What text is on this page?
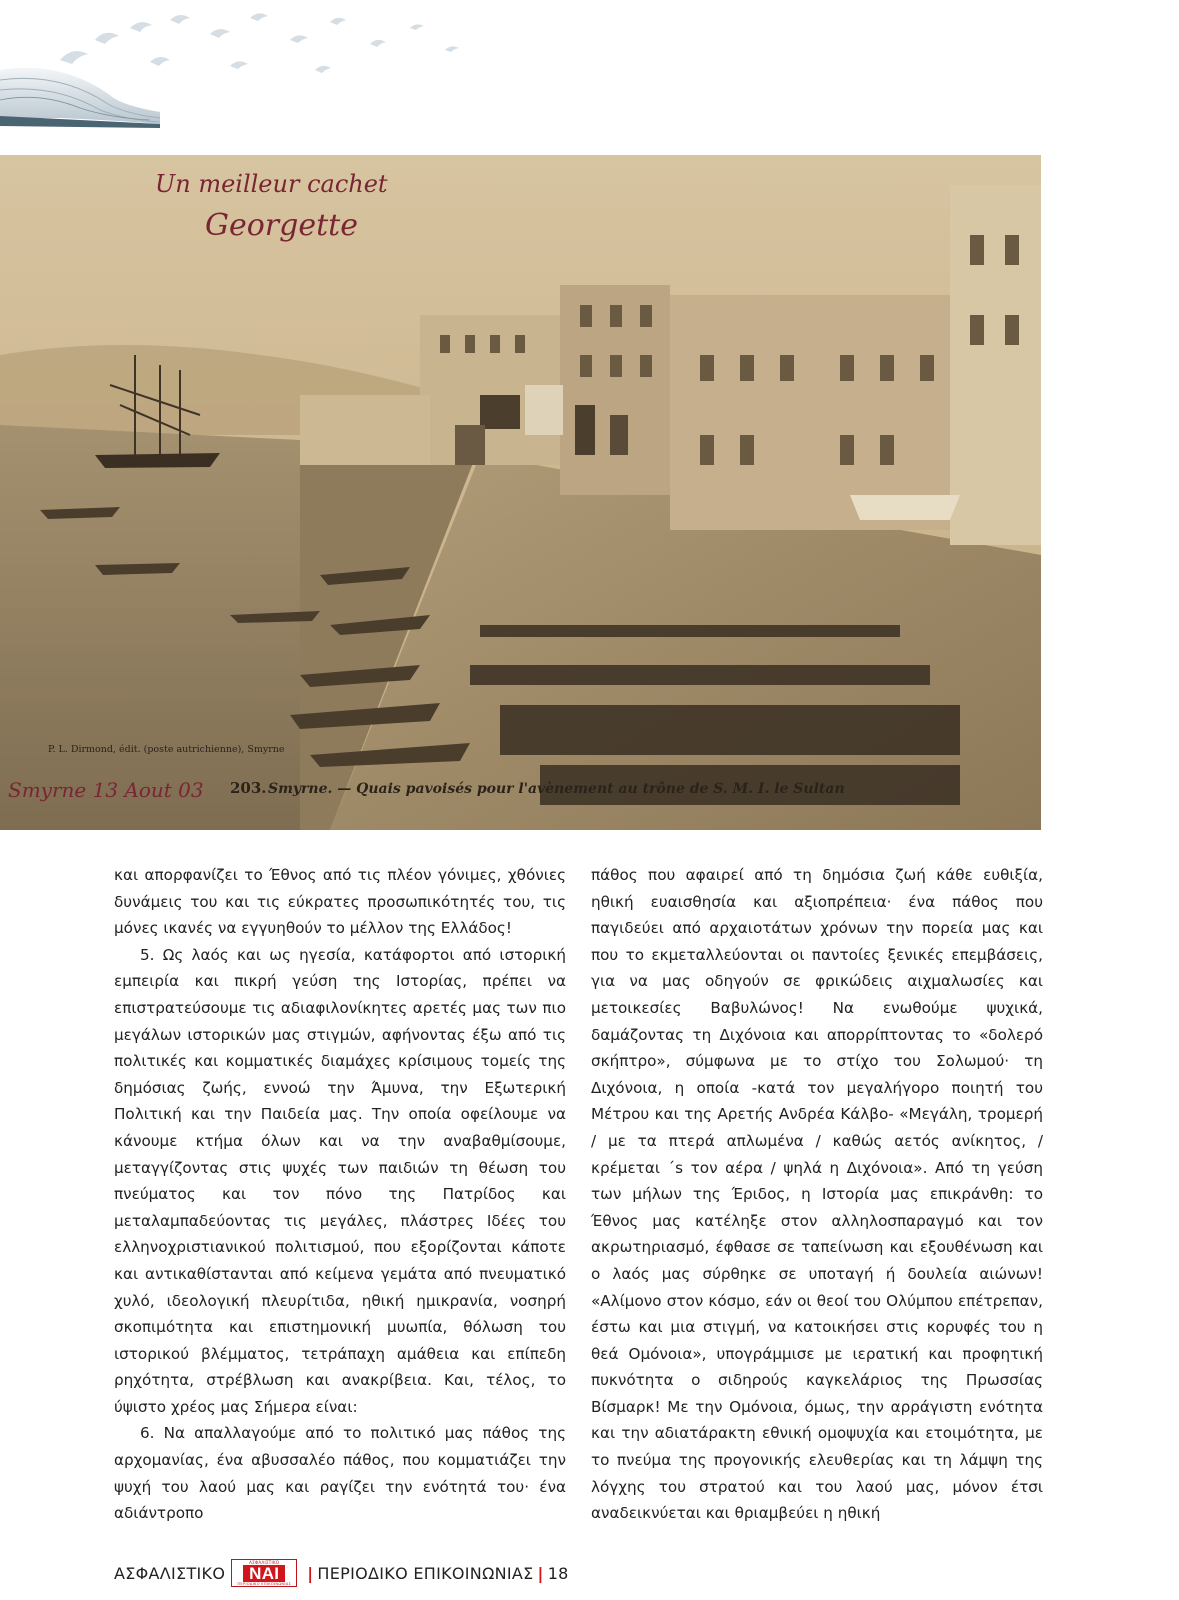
Un meilleur cachet
Georgette
P. L. Dirmond, édit. (poste autrichienne), Smyrne
Smyrne 13 Aout 03 203. Smyrne. — Quais pavoisés pour l'avènement au trône de S. M. I. le Sultan

και απορφανίζει το Έθνος από τις πλέον γόνιμες, χθόνιες δυνάμεις του και τις εύκρατες προσωπικότητές του, τις μόνες ικανές να εγγυηθούν το μέλλον της Ελλάδος!

5. Ως λαός και ως ηγεσία, κατάφορτοι από ιστορική εμπειρία και πικρή γεύση της Ιστορίας, πρέπει να επιστρατεύσουμε τις αδιαφιλονίκητες αρετές μας των πιο μεγάλων ιστορικών μας στιγμών, αφήνοντας έξω από τις πολιτικές και κομματικές διαμάχες κρίσιμους τομείς της δημόσιας ζωής, εννοώ την Άμυνα, την Εξωτερική Πολιτική και την Παιδεία μας. Την οποία οφείλουμε να κάνουμε κτήμα όλων και να την αναβαθμίσουμε, μεταγγίζοντας στις ψυχές των παιδιών τη θέωση του πνεύματος και τον πόνο της Πατρίδος και μεταλαμπαδεύοντας τις μεγάλες, πλάστρες Ιδέες του ελληνοχριστιανικού πολιτισμού, που εξορίζονται κάποτε και αντικαθίστανται από κείμενα γεμάτα από πνευματικό χυλό, ιδεολογική πλευρίτιδα, ηθική ημικρανία, νοσηρή σκοπιμότητα και επιστημονική μυωπία, θόλωση του ιστορικού βλέμματος, τετράπαχη αμάθεια και επίπεδη ρηχότητα, στρέβλωση και ανακρίβεια. Και, τέλος, το ύψιστο χρέος μας Σήμερα είναι:

6. Να απαλλαγούμε από το πολιτικό μας πάθος της αρχομανίας, ένα αβυσσαλέο πάθος, που κομματιάζει την ψυχή του λαού μας και ραγίζει την ενότητά του· ένα αδιάντροπο

πάθος που αφαιρεί από τη δημόσια ζωή κάθε ευθιξία, ηθική ευαισθησία και αξιοπρέπεια· ένα πάθος που παγιδεύει από αρχαιοτάτων χρόνων την πορεία μας και που το εκμεταλλεύονται οι παντοίες ξενικές επεμβάσεις, για να μας οδηγούν σε φρικώδεις αιχμαλωσίες και μετοικεσίες Βαβυλώνος! Να ενωθούμε ψυχικά, δαμάζοντας τη Διχόνοια και απορρίπτοντας το «δολερό σκήπτρο», σύμφωνα με το στίχο του Σολωμού· τη Διχόνοια, η οποία -κατά τον μεγαλήγορο ποιητή του Μέτρου και της Αρετής Ανδρέα Κάλβο- «Μεγάλη, τρομερή / με τα πτερά απλωμένα / καθώς αετός ανίκητος, / κρέμεται ΄s τον αέρα / ψηλά η Διχόνοια». Από τη γεύση των μήλων της Έριδος, η Ιστορία μας επικράνθη: το Έθνος μας κατέληξε στον αλληλοσπαραγμό και τον ακρωτηριασμό, έφθασε σε ταπείνωση και εξουθένωση και ο λαός μας σύρθηκε σε υποταγή ή δουλεία αιώνων! «Αλίμονο στον κόσμο, εάν οι θεοί του Ολύμπου επέτρεπαν, έστω και μια στιγμή, να κατοικήσει στις κορυφές του η θεά Ομόνοια», υπογράμμισε με ιερατική και προφητική πυκνότητα ο σιδηρούς καγκελάριος της Πρωσσίας Βίσμαρκ! Με την Ομόνοια, όμως, την αρράγιστη ενότητα και την αδιατάρακτη εθνική ομοψυχία και ετοιμότητα, με το πνεύμα της προγονικής ελευθερίας και τη λάμψη της λόγχης του στρατού και του λαού μας, μόνον έτσι αναδεικνύεται και θριαμβεύει η ηθική

ΑΣΦΑΛΙΣΤΙΚΟ
ΑΣΦΑΛΙΣΤΙΚΟ
ΝΑΙ
ΠΕΡΙΟΔΙΚΟ ΕΠΙΚΟΙΝΩΝΙΑΣ
| ΠΕΡΙΟΔΙΚΟ ΕΠΙΚΟΙΝΩΝΙΑΣ | 18
